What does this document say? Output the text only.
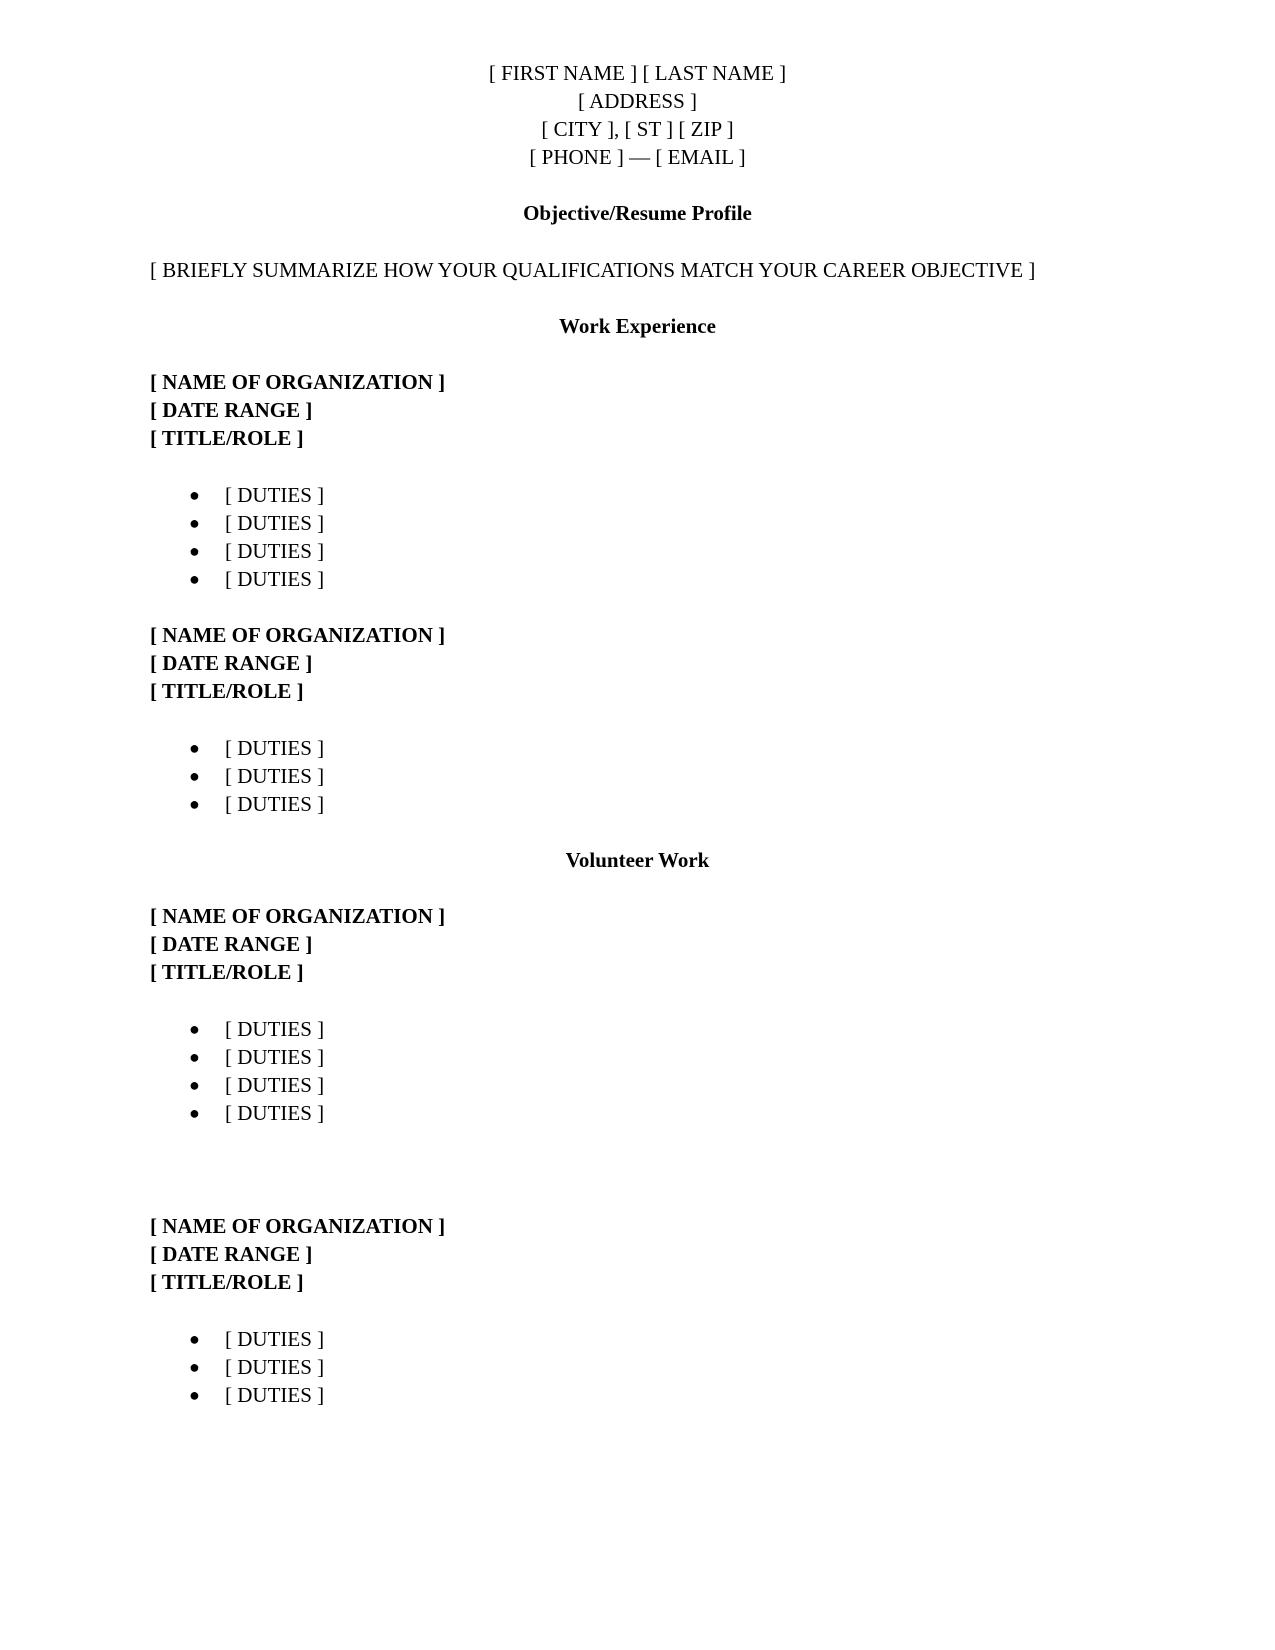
[ FIRST NAME ] [ LAST NAME ]
[ ADDRESS ]
[ CITY ], [ ST ] [ ZIP ]
[ PHONE ] — [ EMAIL ]
Objective/Resume Profile
[ BRIEFLY SUMMARIZE HOW YOUR QUALIFICATIONS MATCH YOUR CAREER OBJECTIVE ]
Work Experience
[ NAME OF ORGANIZATION ]
[ DATE RANGE ]
[ TITLE/ROLE ]
● [ DUTIES ]
● [ DUTIES ]
● [ DUTIES ]
● [ DUTIES ]
[ NAME OF ORGANIZATION ]
[ DATE RANGE ]
[ TITLE/ROLE ]
● [ DUTIES ]
● [ DUTIES ]
● [ DUTIES ]
Volunteer Work
[ NAME OF ORGANIZATION ]
[ DATE RANGE ]
[ TITLE/ROLE ]
● [ DUTIES ]
● [ DUTIES ]
● [ DUTIES ]
● [ DUTIES ]
[ NAME OF ORGANIZATION ]
[ DATE RANGE ]
[ TITLE/ROLE ]
● [ DUTIES ]
● [ DUTIES ]
● [ DUTIES ]
